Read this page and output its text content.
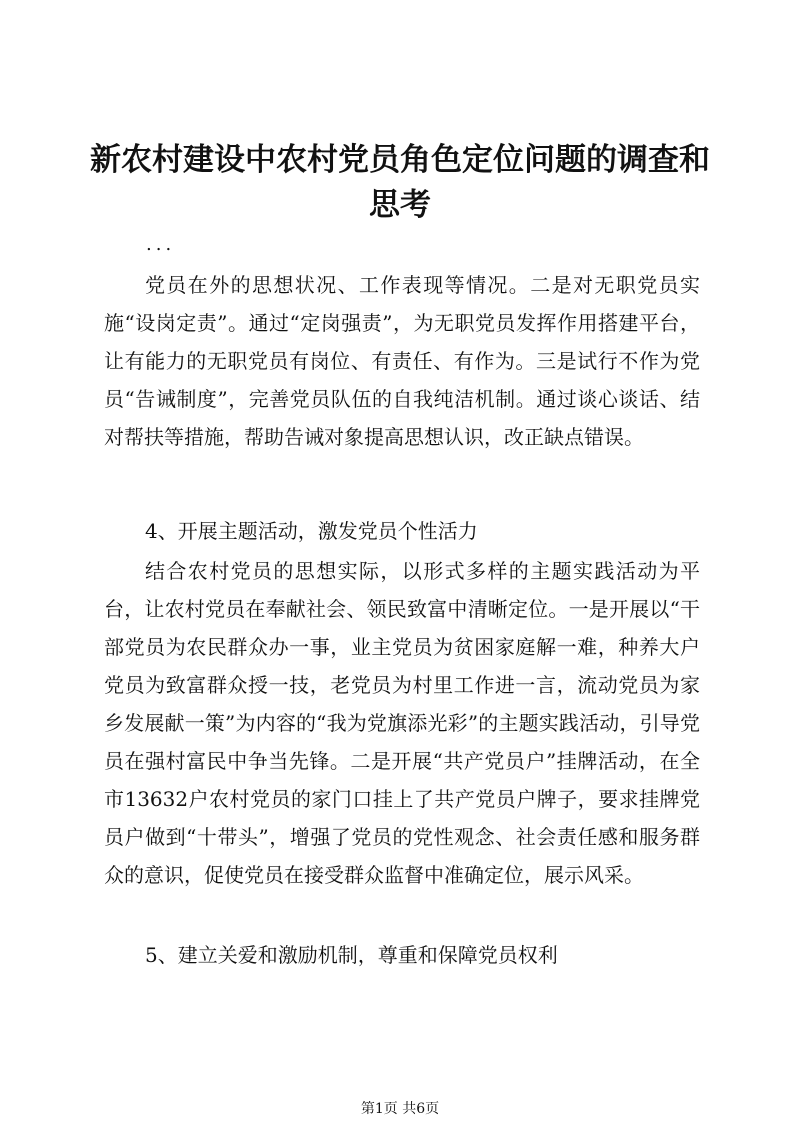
新农村建设中农村党员角色定位问题的调查和思考
...

党员在外的思想状况、工作表现等情况。二是对无职党员实施“设岗定责”。通过“定岗强责”，为无职党员发挥作用搭建平台，让有能力的无职党员有岗位、有责任、有作为。三是试行不作为党员“告诫制度”，完善党员队伍的自我纯洁机制。通过谈心谈话、结对帮扶等措施，帮助告诫对象提高思想认识，改正缺点错误。

4、开展主题活动，激发党员个性活力

结合农村党员的思想实际，以形式多样的主题实践活动为平台，让农村党员在奉献社会、领民致富中清晰定位。一是开展以“干部党员为农民群众办一事，业主党员为贫困家庭解一难，种养大户党员为致富群众授一技，老党员为村里工作进一言，流动党员为家乡发展献一策”为内容的“我为党旗添光彩”的主题实践活动，引导党员在强村富民中争当先锋。二是开展“共产党员户”挂牌活动，在全市13632户农村党员的家门口挂上了共产党员户牌子，要求挂牌党员户做到“十带头”，增强了党员的党性观念、社会责任感和服务群众的意识，促使党员在接受群众监督中准确定位，展示风采。

5、建立关爱和激励机制，尊重和保障党员权利

第1页 共6页
